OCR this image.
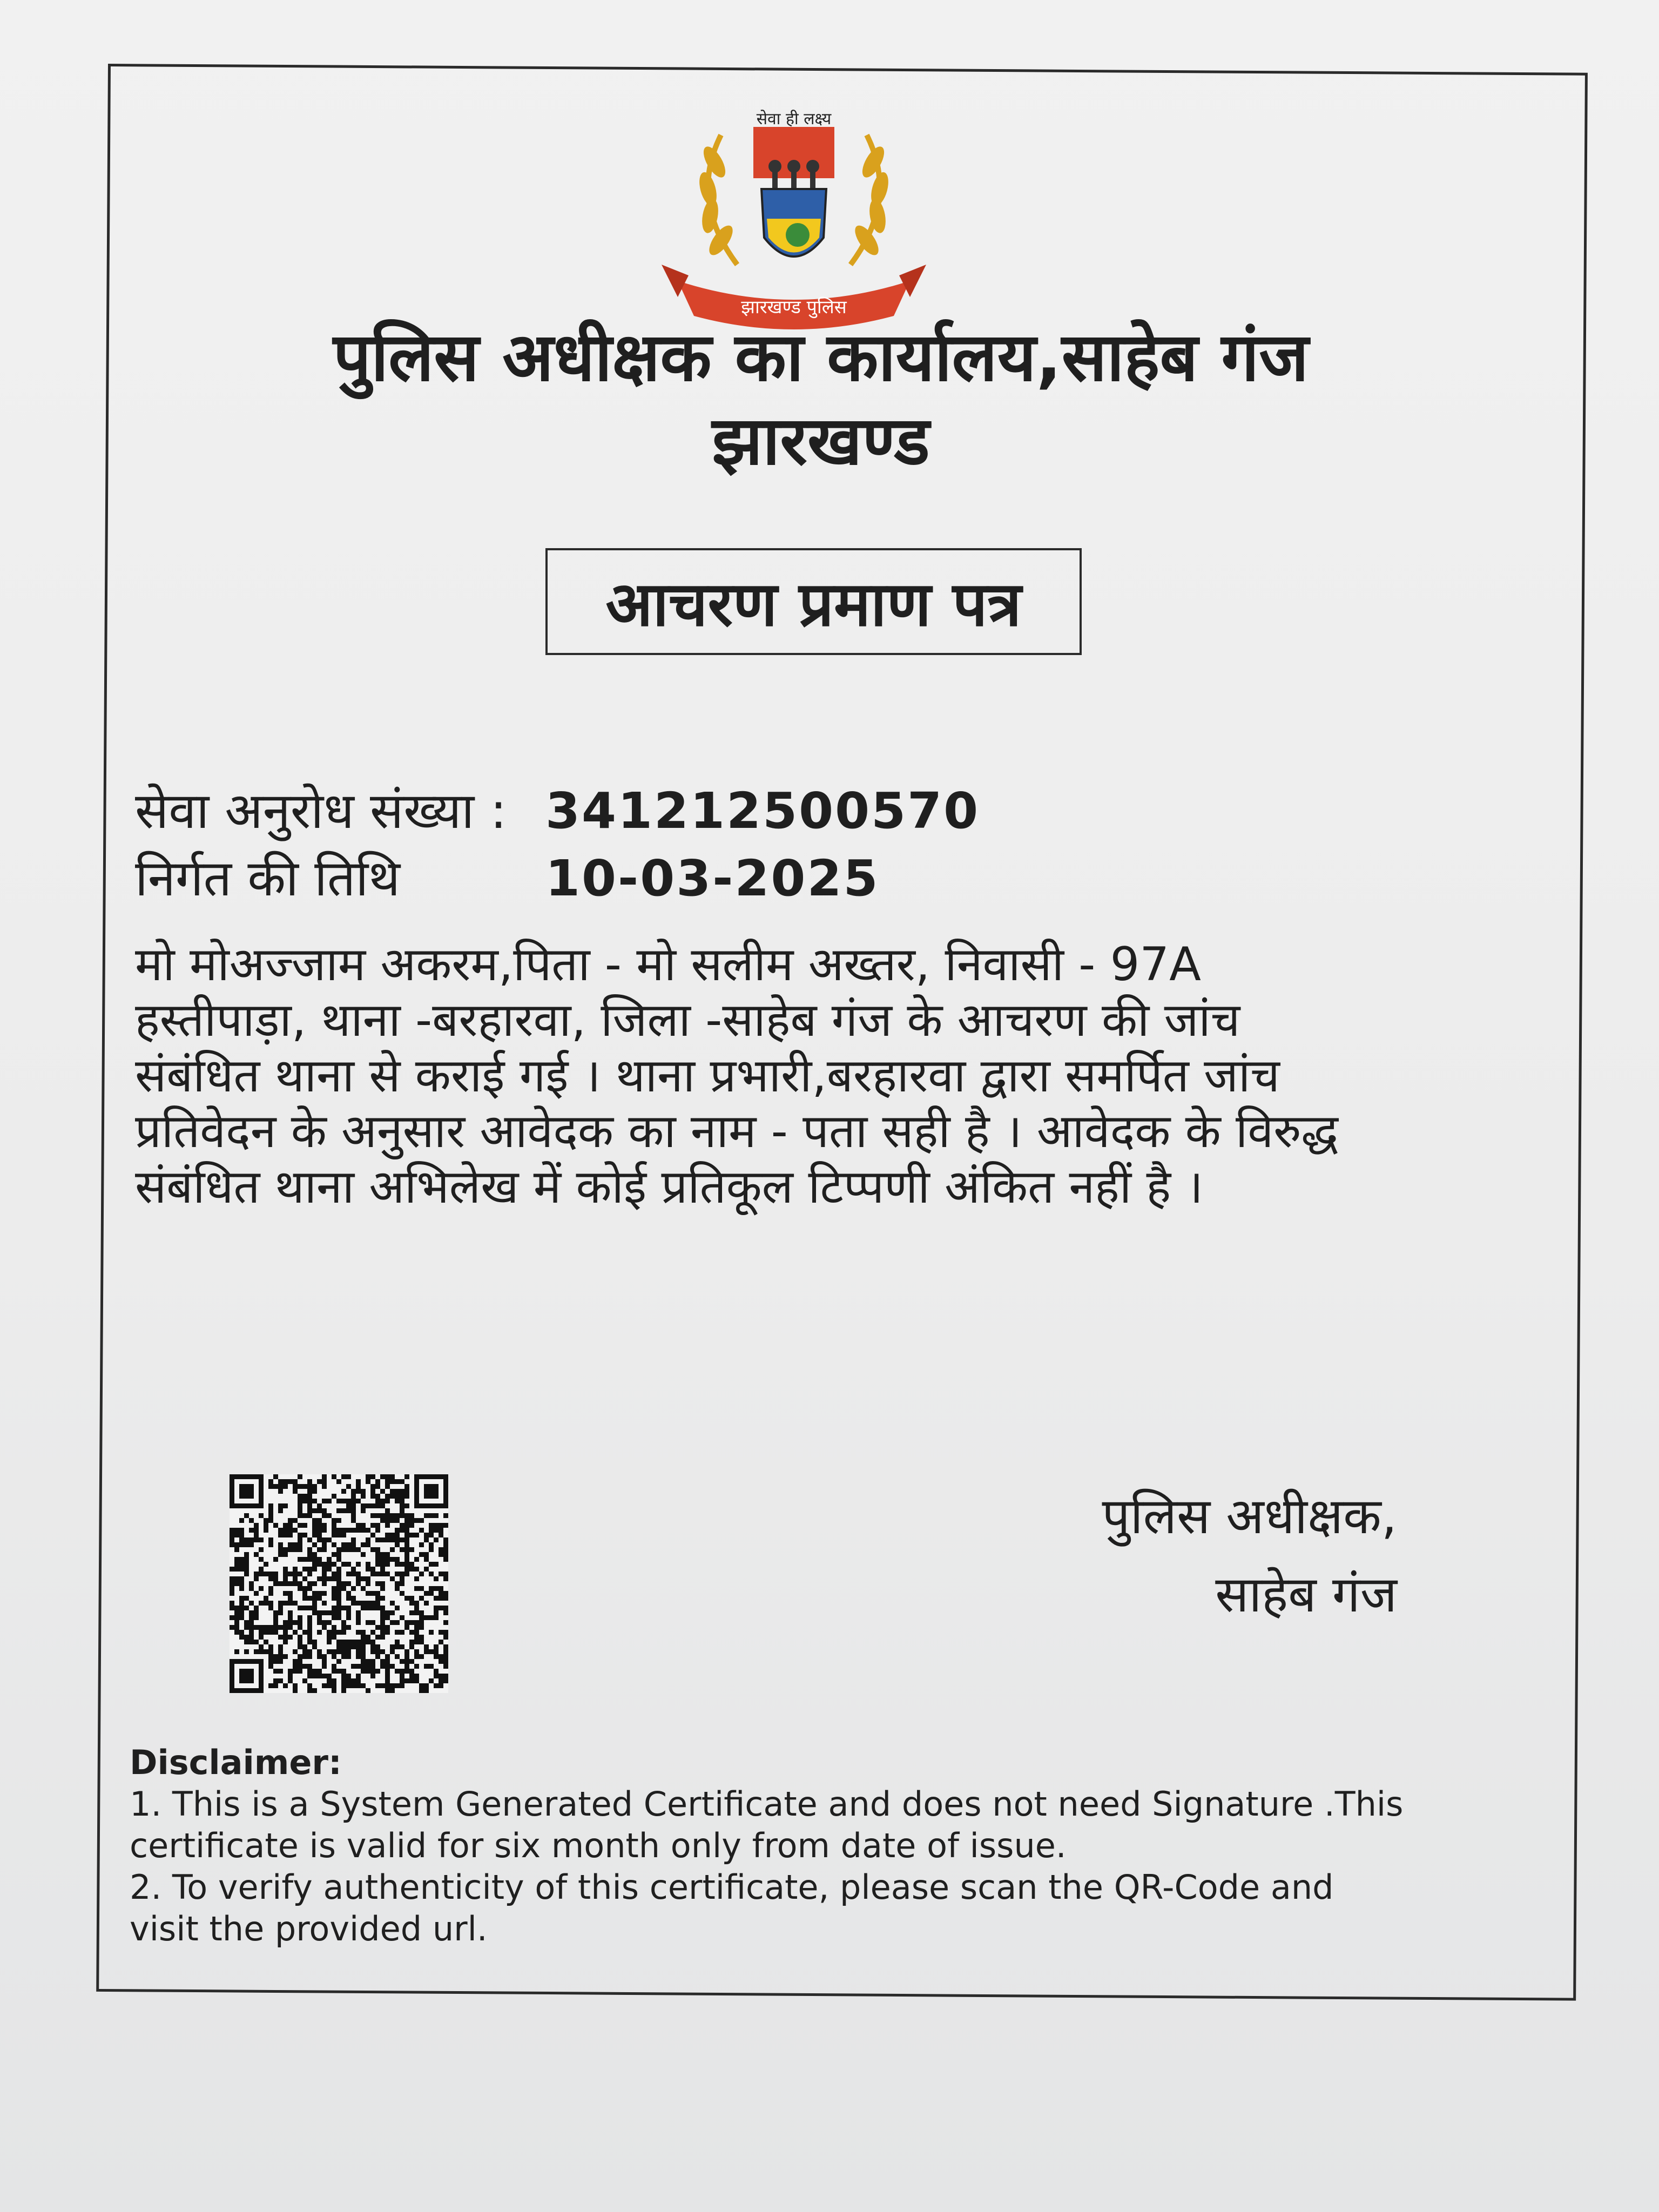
सेवा ही लक्ष्य
झारखण्ड पुलिस
पुलिस अधीक्षक का कार्यालय,साहेब गंज
झारखण्ड
आचरण प्रमाण पत्र
सेवा अनुरोध संख्या : 341212500570
निर्गत की तिथि	10-03-2025
मो मोअज्जाम अकरम,पिता - मो सलीम अख्तर, निवासी - 97A
हस्तीपाड़ा, थाना -बरहारवा, जिला -साहेब गंज के आचरण की जांच
संबंधित थाना से कराई गई । थाना प्रभारी,बरहारवा द्वारा समर्पित जांच
प्रतिवेदन के अनुसार आवेदक का नाम - पता सही है । आवेदक के विरुद्ध
संबंधित थाना अभिलेख में कोई प्रतिकूल टिप्पणी अंकित नहीं है ।
पुलिस अधीक्षक,
साहेब गंज
Disclaimer:
1. This is a System Generated Certificate and does not need Signature .This
certificate is valid for six month only from date of issue.
2. To verify authenticity of this certificate, please scan the QR-Code and
visit the provided url.
